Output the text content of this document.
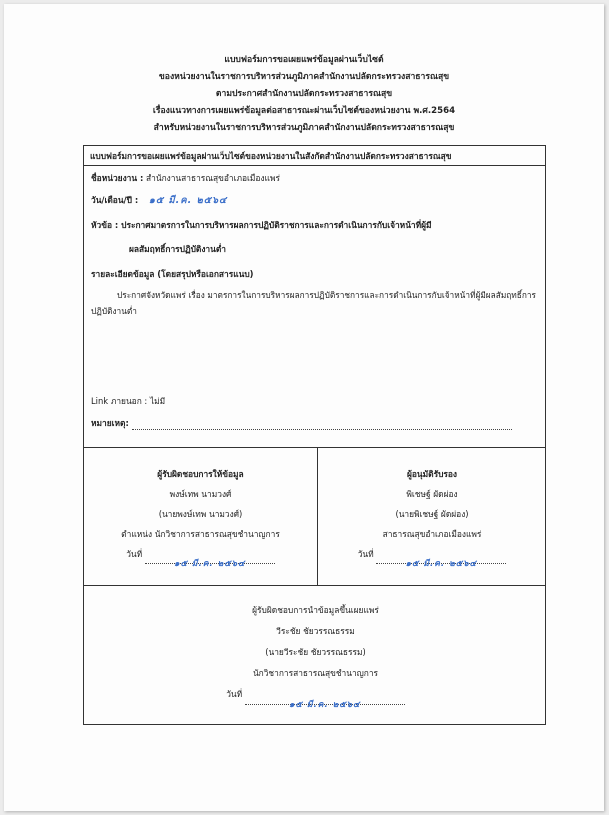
แบบฟอร์มการขอเผยแพร่ข้อมูลผ่านเว็บไซต์
ของหน่วยงานในราชการบริหารส่วนภูมิภาคสำนักงานปลัดกระทรวงสาธารณสุข
ตามประกาศสำนักงานปลัดกระทรวงสาธารณสุข
เรื่องแนวทางการเผยแพร่ข้อมูลต่อสาธารณะผ่านเว็บไซต์ของหน่วยงาน พ.ศ.2564
สำหรับหน่วยงานในราชการบริหารส่วนภูมิภาคสำนักงานปลัดกระทรวงสาธารณสุข
แบบฟอร์มการขอเผยแพร่ข้อมูลผ่านเว็บไซต์ของหน่วยงานในสังกัดสำนักงานปลัดกระทรวงสาธารณสุข
ชื่อหน่วยงาน : สำนักงานสาธารณสุขอำเภอเมืองแพร่
วัน/เดือน/ปี : ๑๕ มี.ค. ๒๕๖๔
หัวข้อ : ประกาศมาตรการในการบริหารผลการปฏิบัติราชการและการดำเนินการกับเจ้าหน้าที่ผู้มี
ผลสัมฤทธิ์การปฏิบัติงานต่ำ
รายละเอียดข้อมูล (โดยสรุปหรือเอกสารแนบ)
ประกาศจังหวัดแพร่ เรื่อง มาตรการในการบริหารผลการปฏิบัติราชการและการดำเนินการกับเจ้าหน้าที่ผู้มีผลสัมฤทธิ์การปฏิบัติงานต่ำ
Link ภายนอก : ไม่มี
หมายเหตุ:
ผู้รับผิดชอบการให้ข้อมูล
พงษ์เทพ นามวงศ์
(นายพงษ์เทพ นามวงศ์)
ตำแหน่ง นักวิชาการสาธารณสุขชำนาญการ
วันที่ ๑๕ มี.ค. ๒๕๖๔
ผู้อนุมัติรับรอง
พิเชษฐ์ ผัดผ่อง
(นายพิเชษฐ์ ผัดผ่อง)
สาธารณสุขอำเภอเมืองแพร่
วันที่ ๑๕ มี.ค. ๒๕๖๔
ผู้รับผิดชอบการนำข้อมูลขึ้นเผยแพร่
วีระชัย ชัยวรรณธรรม
(นายวีระชัย ชัยวรรณธรรม)
นักวิชาการสาธารณสุขชำนาญการ
วันที่ ๑๕ มี.ค. ๒๕๖๔
